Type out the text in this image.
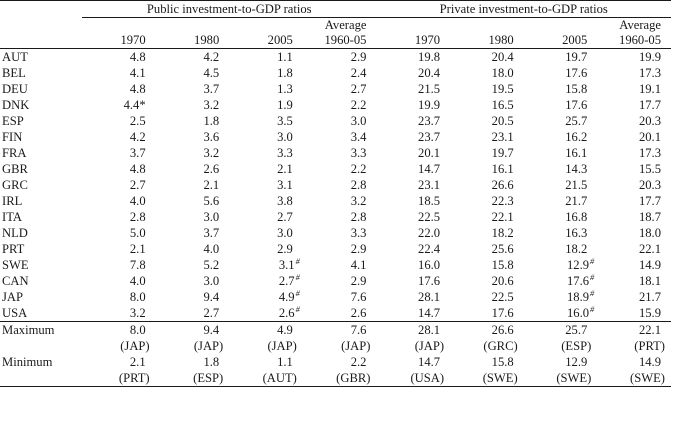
	Public investment-to-GDP ratios				Private investment-to-GDP ratios			
				Average				Average
	1970	1980	2005	1960-05	1970	1980	2005	1960-05
AUT	4.8	4.2	1.1	2.9	19.8	20.4	19.7	19.9
BEL	4.1	4.5	1.8	2.4	20.4	18.0	17.6	17.3
DEU	4.8	3.7	1.3	2.7	21.5	19.5	15.8	19.1
DNK	4.4*	3.2	1.9	2.2	19.9	16.5	17.6	17.7
ESP	2.5	1.8	3.5	3.0	23.7	20.5	25.7	20.3
FIN	4.2	3.6	3.0	3.4	23.7	23.1	16.2	20.1
FRA	3.7	3.2	3.3	3.3	20.1	19.7	16.1	17.3
GBR	4.8	2.6	2.1	2.2	14.7	16.1	14.3	15.5
GRC	2.7	2.1	3.1	2.8	23.1	26.6	21.5	20.3
IRL	4.0	5.6	3.8	3.2	18.5	22.3	21.7	17.7
ITA	2.8	3.0	2.7	2.8	22.5	22.1	16.8	18.7
NLD	5.0	3.7	3.0	3.3	22.0	18.2	16.3	18.0
PRT	2.1	4.0	2.9	2.9	22.4	25.6	18.2	22.1
SWE	7.8	5.2	3.1#	4.1	16.0	15.8	12.9#	14.9
CAN	4.0	3.0	2.7#	2.9	17.6	20.6	17.6#	18.1
JAP	8.0	9.4	4.9#	7.6	28.1	22.5	18.9#	21.7
USA	3.2	2.7	2.6#	2.6	14.7	17.6	16.0#	15.9
Maximum	8.0	9.4	4.9	7.6	28.1	26.6	25.7	22.1
	(JAP)	(JAP)	(JAP)	(JAP)	(JAP)	(GRC)	(ESP)	(PRT)
Minimum	2.1	1.8	1.1	2.2	14.7	15.8	12.9	14.9
	(PRT)	(ESP)	(AUT)	(GBR)	(USA)	(SWE)	(SWE)	(SWE)
